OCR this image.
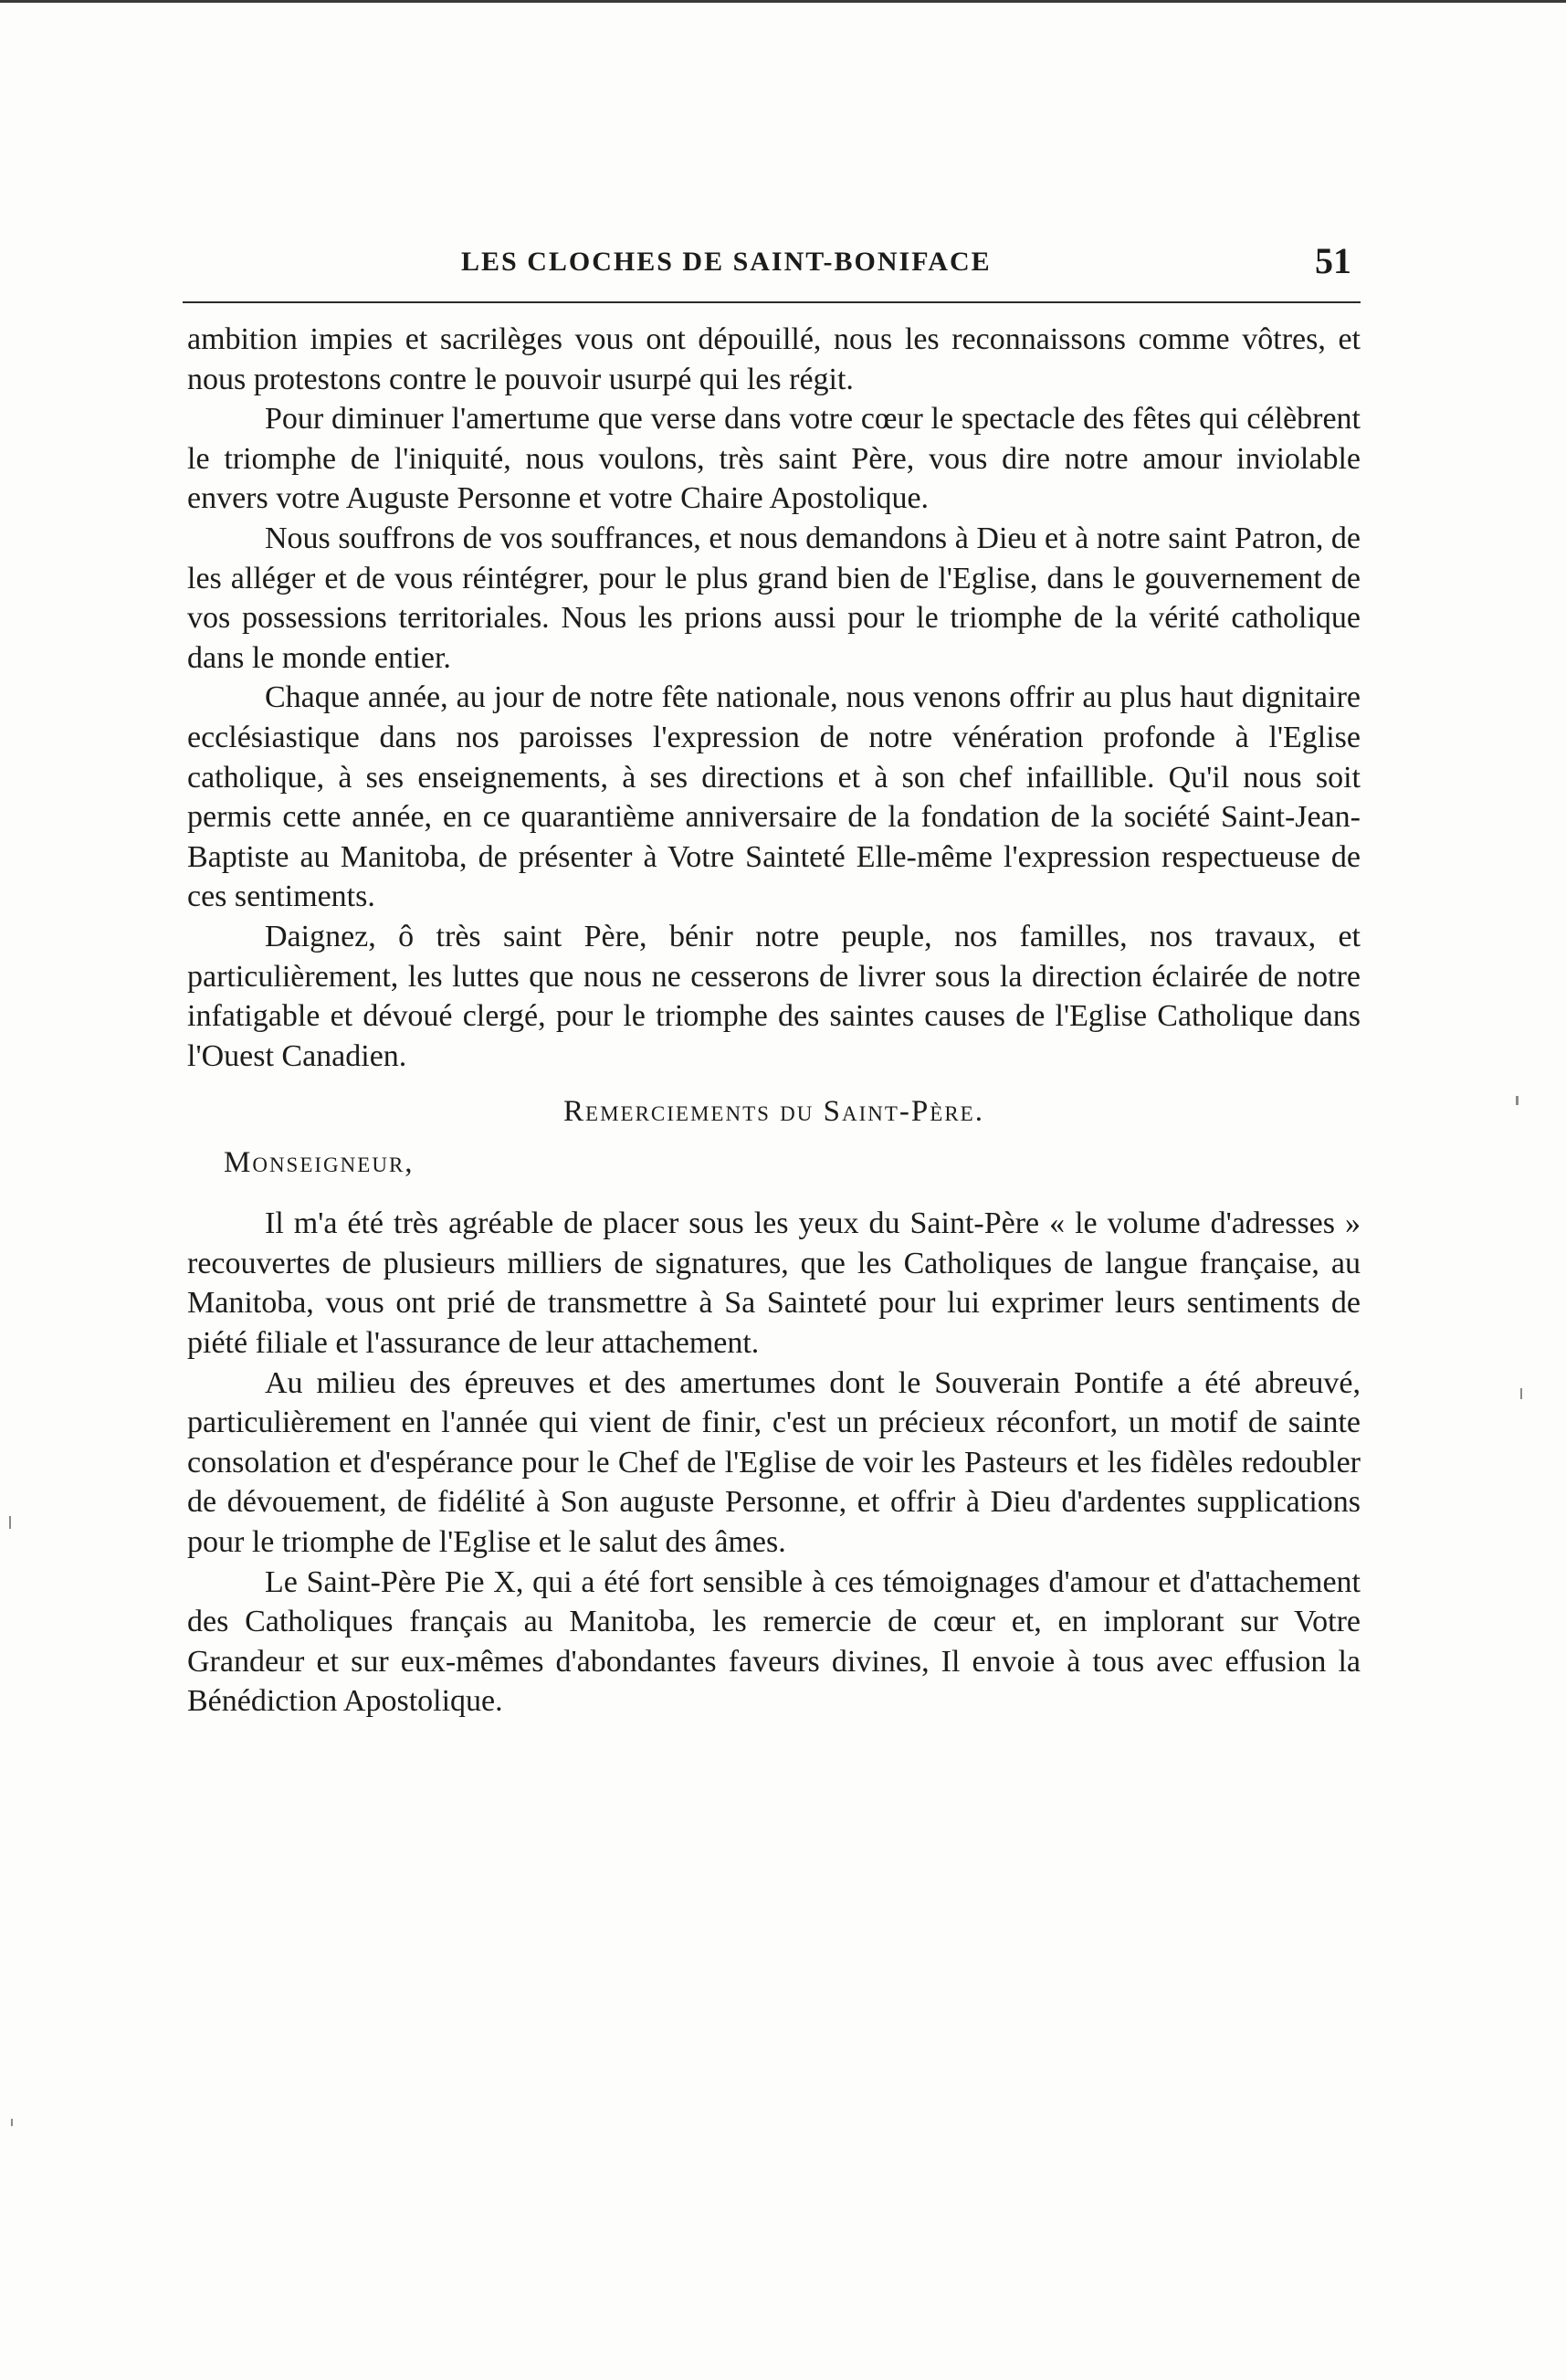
LES CLOCHES DE SAINT-BONIFACE	51

ambition impies et sacrilèges vous ont dépouillé, nous les reconnaissons comme vôtres, et nous protestons contre le pouvoir usurpé qui les régit.

Pour diminuer l'amertume que verse dans votre cœur le spectacle des fêtes qui célèbrent le triomphe de l'iniquité, nous voulons, très saint Père, vous dire notre amour inviolable envers votre Auguste Personne et votre Chaire Apostolique.

Nous souffrons de vos souffrances, et nous demandons à Dieu et à notre saint Patron, de les alléger et de vous réintégrer, pour le plus grand bien de l'Eglise, dans le gouvernement de vos possessions territoriales. Nous les prions aussi pour le triomphe de la vérité catholique dans le monde entier.

Chaque année, au jour de notre fête nationale, nous venons offrir au plus haut dignitaire ecclésiastique dans nos paroisses l'expression de notre vénération profonde à l'Eglise catholique, à ses enseignements, à ses directions et à son chef infaillible. Qu'il nous soit permis cette année, en ce quarantième anniversaire de la fondation de la société Saint-Jean-Baptiste au Manitoba, de présenter à Votre Sainteté Elle-même l'expression respectueuse de ces sentiments.

Daignez, ô très saint Père, bénir notre peuple, nos familles, nos travaux, et particulièrement, les luttes que nous ne cesserons de livrer sous la direction éclairée de notre infatigable et dévoué clergé, pour le triomphe des saintes causes de l'Eglise Catholique dans l'Ouest Canadien.

Remerciements du Saint-Père.
Monseigneur,

Il m'a été très agréable de placer sous les yeux du Saint-Père « le volume d'adresses » recouvertes de plusieurs milliers de signatures, que les Catholiques de langue française, au Manitoba, vous ont prié de transmettre à Sa Sainteté pour lui exprimer leurs sentiments de piété filiale et l'assurance de leur attachement.

Au milieu des épreuves et des amertumes dont le Souverain Pontife a été abreuvé, particulièrement en l'année qui vient de finir, c'est un précieux réconfort, un motif de sainte consolation et d'espérance pour le Chef de l'Eglise de voir les Pasteurs et les fidèles redoubler de dévouement, de fidélité à Son auguste Personne, et offrir à Dieu d'ardentes supplications pour le triomphe de l'Eglise et le salut des âmes.

Le Saint-Père Pie X, qui a été fort sensible à ces témoignages d'amour et d'attachement des Catholiques français au Manitoba, les remercie de cœur et, en implorant sur Votre Grandeur et sur eux-mêmes d'abondantes faveurs divines, Il envoie à tous avec effusion la Bénédiction Apostolique.
